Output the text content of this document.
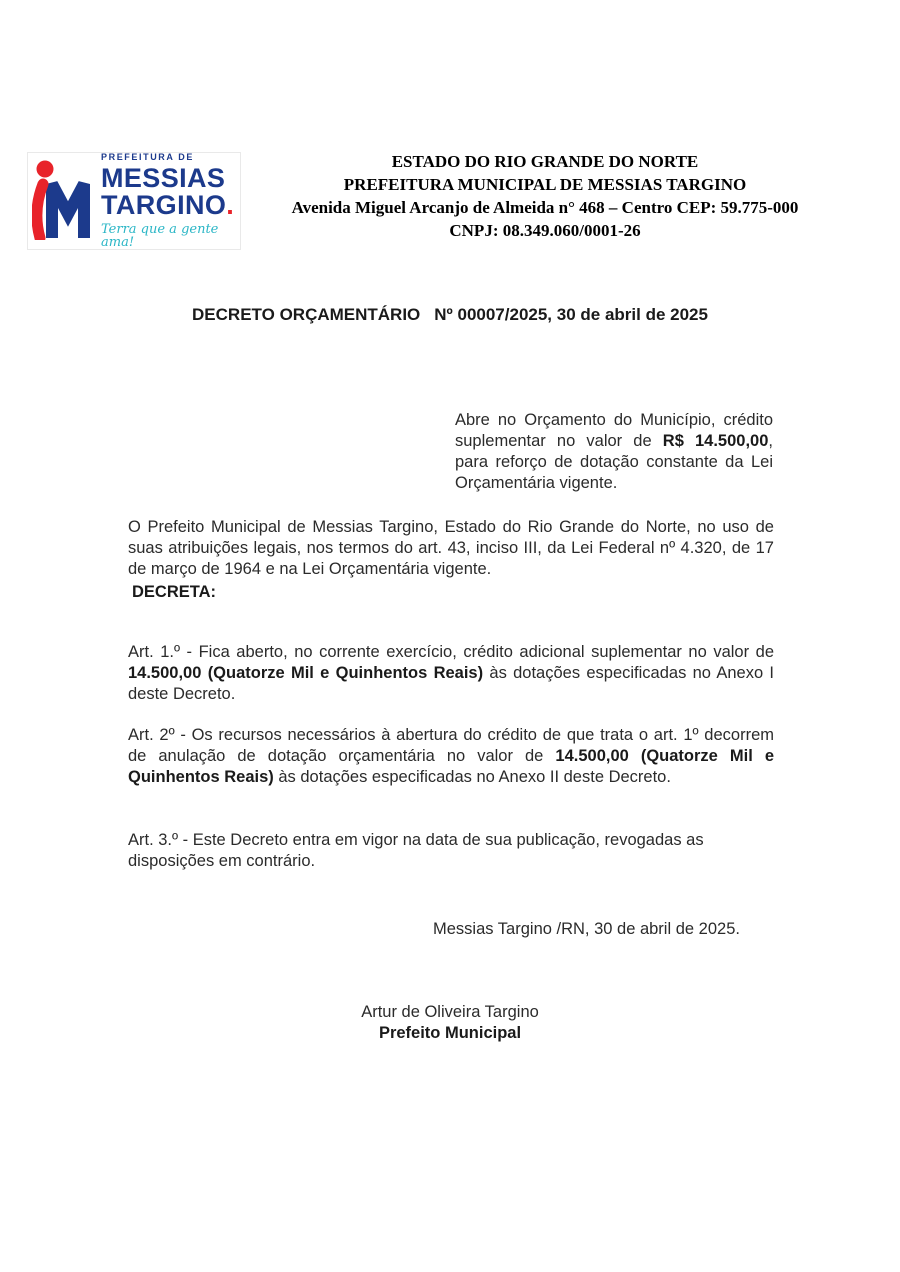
PREFEITURA DE
MESSIAS
TARGINO.
Terra que a gente ama!
ESTADO DO RIO GRANDE DO NORTE
PREFEITURA MUNICIPAL DE MESSIAS TARGINO
Avenida Miguel Arcanjo de Almeida n° 468 – Centro CEP: 59.775-000
CNPJ: 08.349.060/0001-26
DECRETO ORÇAMENTÁRIO Nº 00007/2025, 30 de abril de 2025

Abre no Orçamento do Município, crédito suplementar no valor de R$ 14.500,00, para reforço de dotação constante da Lei Orçamentária vigente.

O Prefeito Municipal de Messias Targino, Estado do Rio Grande do Norte, no uso de suas atribuições legais, nos termos do art. 43, inciso III, da Lei Federal nº 4.320, de 17 de março de 1964 e na Lei Orçamentária vigente.

DECRETA:

Art. 1.º - Fica aberto, no corrente exercício, crédito adicional suplementar no valor de 14.500,00 (Quatorze Mil e Quinhentos Reais) às dotações especificadas no Anexo I deste Decreto.

Art. 2º - Os recursos necessários à abertura do crédito de que trata o art. 1º decorrem de anulação de dotação orçamentária no valor de 14.500,00 (Quatorze Mil e Quinhentos Reais) às dotações especificadas no Anexo II deste Decreto.

Art. 3.º - Este Decreto entra em vigor na data de sua publicação, revogadas as disposições em contrário.

Messias Targino /RN, 30 de abril de 2025.
Artur de Oliveira Targino
Prefeito Municipal
